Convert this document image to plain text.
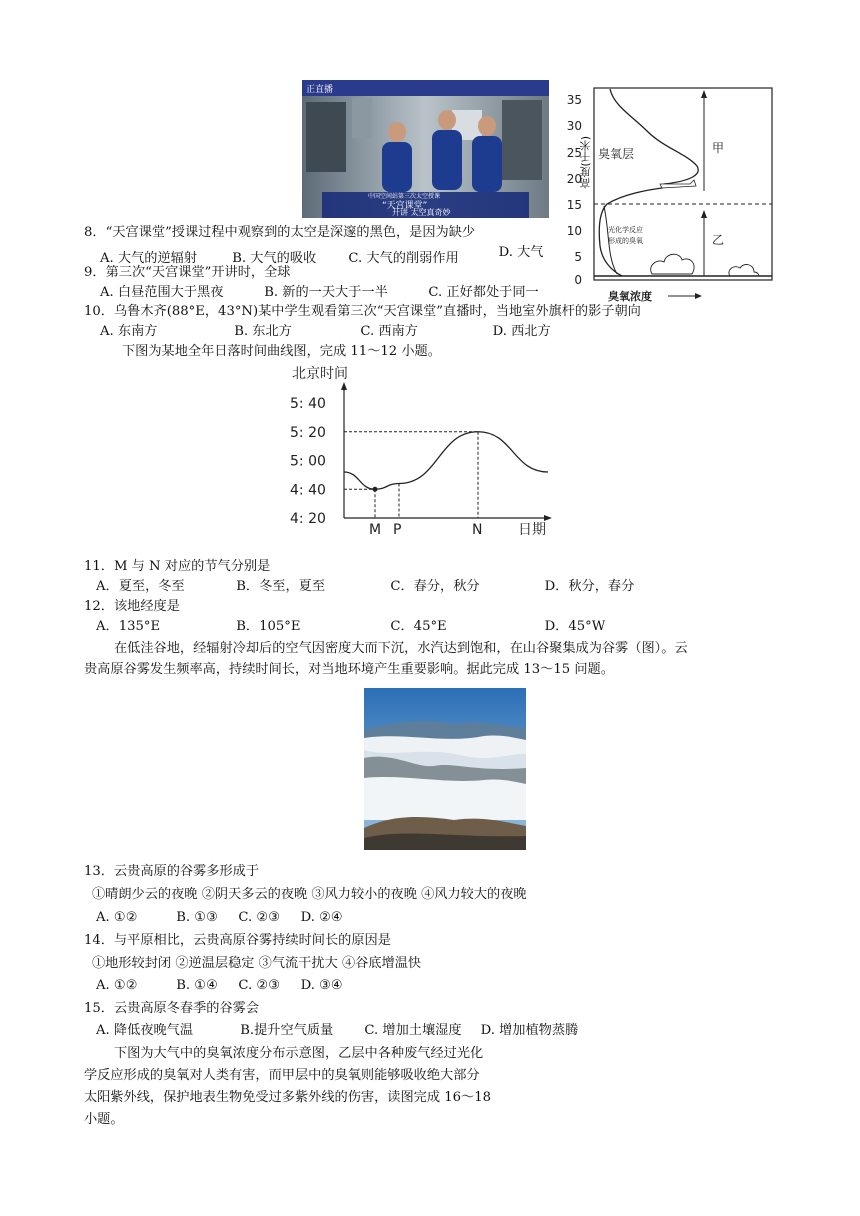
正直播
中国空间站第三次太空授课
“天宫课堂”
开讲 太空真奇妙
35
30
25
20
15
10
5
0
臭氧浓度
臭氧层	甲
乙
光化学反应
形成的臭氧
高度(千米)
8．“天宫课堂”授课过程中观察到的太空是深邃的黑色，是因为缺少
A. 大气的逆辐射	B. 大气的吸收 C. 大气的削弱作用	D. 大气
9．第三次“天宫课堂”开讲时，全球
A. 白昼范围大于黑夜	B. 新的一天大于一半	C. 正好都处于同一
10．乌鲁木齐(88°E，43°N)某中学生观看第三次“天宫课堂”直播时，当地室外旗杆的影子朝向
A. 东南方	B. 东北方	C. 西南方	D. 西北方
下图为某地全年日落时间曲线图，完成 11～12 小题。
北京时间
日期
4: 20
4: 40
5: 00
5: 20
5: 40
M P	N
11．M 与 N 对应的节气分别是
A．夏至，冬至	B．冬至，夏至	C．春分，秋分	D．秋分，春分
12．该地经度是
A．135°E	B．105°E	C．45°E	D．45°W
在低洼谷地，经辐射冷却后的空气因密度大而下沉，水汽达到饱和，在山谷聚集成为谷雾（图）。云
贵高原谷雾发生频率高，持续时间长，对当地环境产生重要影响。据此完成 13～15 问题。
13．云贵高原的谷雾多形成于
①晴朗少云的夜晚 ②阴天多云的夜晚 ③风力较小的夜晚 ④风力较大的夜晚
A. ①②	B. ①③ C. ②③ D. ②④
14．与平原相比，云贵高原谷雾持续时间长的原因是
①地形较封闭 ②逆温层稳定 ③气流干扰大 ④谷底增温快
A. ①②	B. ①④ C. ②③ D. ③④
15．云贵高原冬春季的谷雾会
A. 降低夜晚气温	B.提升空气质量 C. 增加土壤湿度 D. 增加植物蒸腾
下图为大气中的臭氧浓度分布示意图，乙层中各种废气经过光化
学反应形成的臭氧对人类有害，而甲层中的臭氧则能够吸收绝大部分
太阳紫外线，保护地表生物免受过多紫外线的伤害，读图完成 16～18
小题。
